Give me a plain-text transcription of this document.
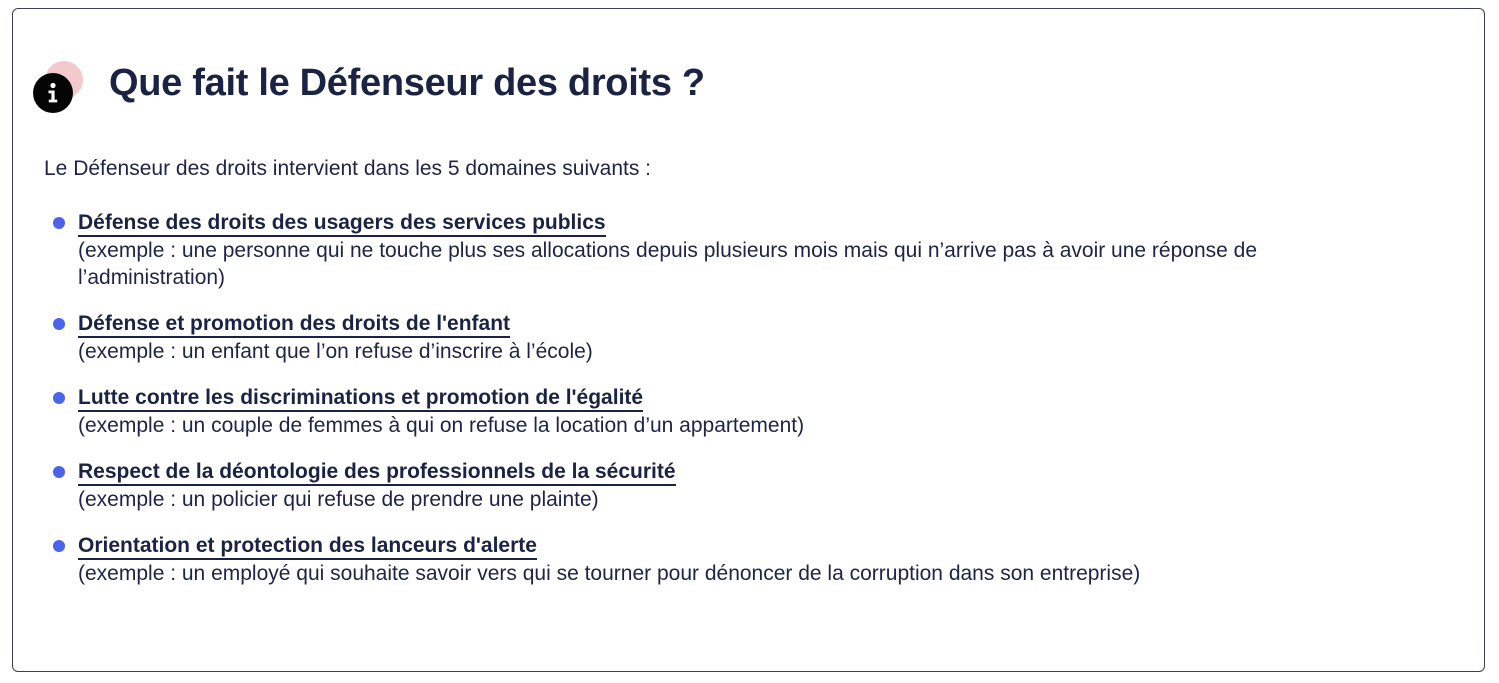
Que fait le Défenseur des droits ?

Le Défenseur des droits intervient dans les 5 domaines suivants :

Défense des droits des usagers des services publics
(exemple : une personne qui ne touche plus ses allocations depuis plusieurs mois mais qui n’arrive pas à avoir une réponse de l’administration)
Défense et promotion des droits de l'enfant
(exemple : un enfant que l’on refuse d’inscrire à l’école)
Lutte contre les discriminations et promotion de l'égalité
(exemple : un couple de femmes à qui on refuse la location d’un appartement)
Respect de la déontologie des professionnels de la sécurité
(exemple : un policier qui refuse de prendre une plainte)
Orientation et protection des lanceurs d'alerte
(exemple : un employé qui souhaite savoir vers qui se tourner pour dénoncer de la corruption dans son entreprise)
